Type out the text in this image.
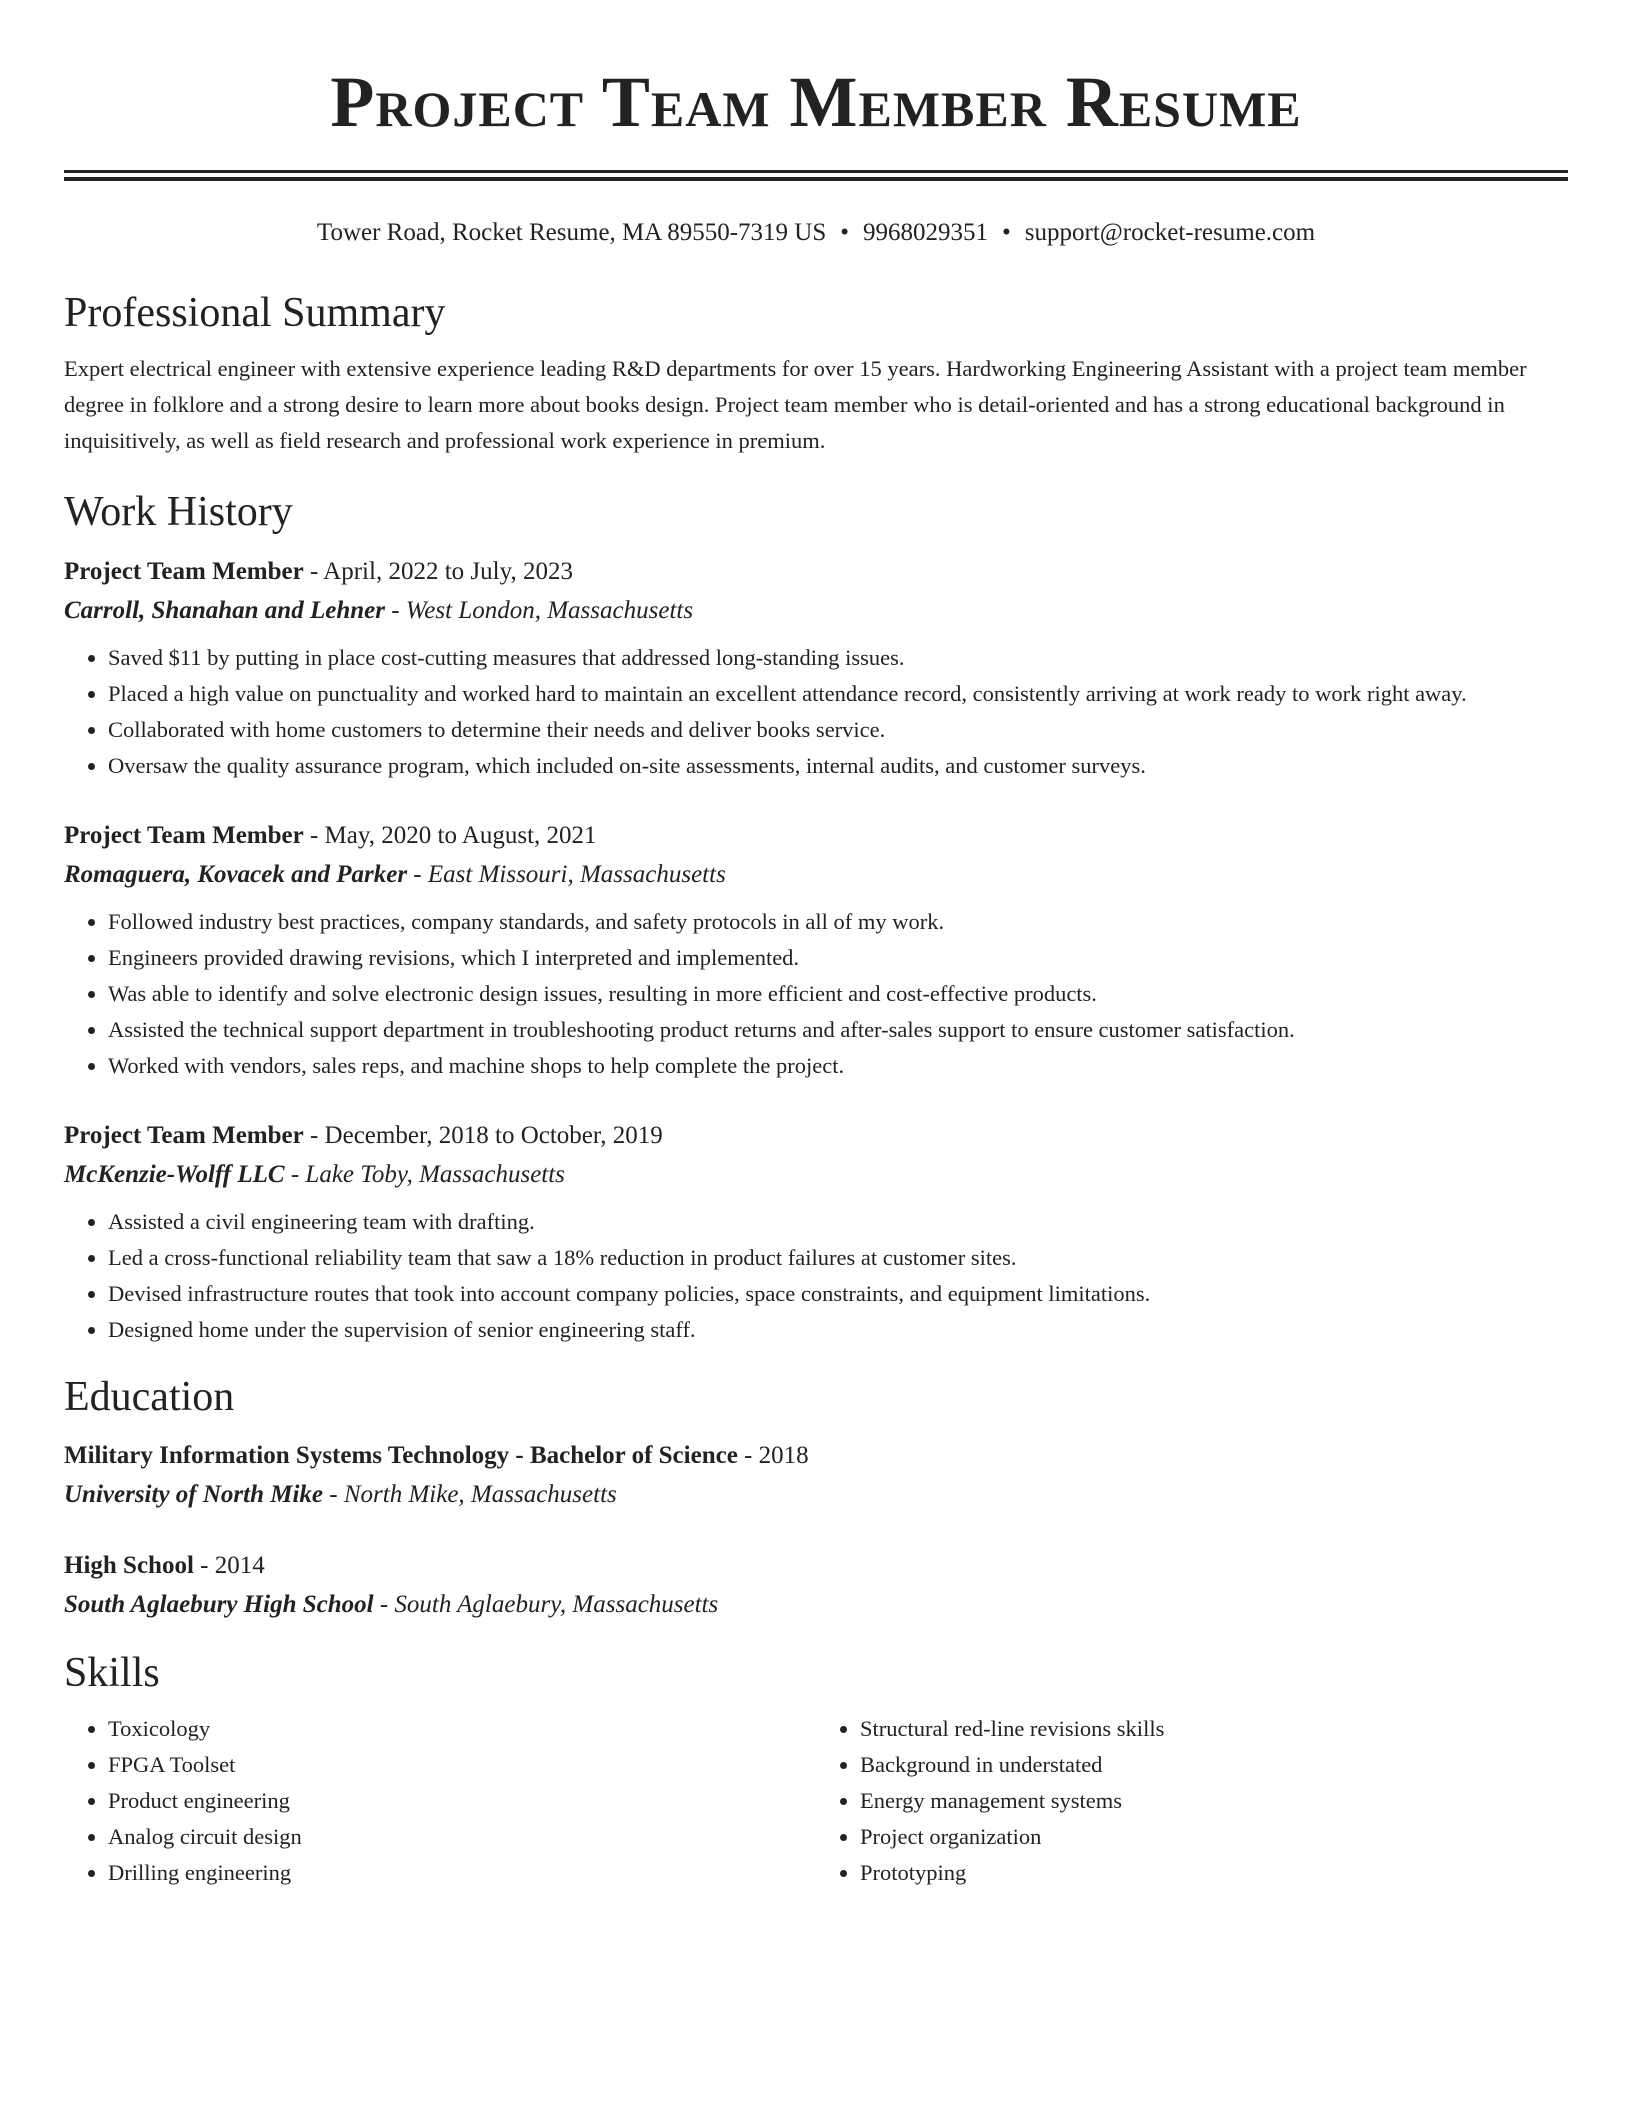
Project Team Member Resume
Tower Road, Rocket Resume, MA 89550-7319 US • 9968029351 • support@rocket-resume.com
Professional Summary
Expert electrical engineer with extensive experience leading R&D departments for over 15 years. Hardworking Engineering Assistant with a project team member degree in folklore and a strong desire to learn more about books design. Project team member who is detail-oriented and has a strong educational background in inquisitively, as well as field research and professional work experience in premium.
Work History
Project Team Member - April, 2022 to July, 2023
Carroll, Shanahan and Lehner - West London, Massachusetts
• Saved $11 by putting in place cost-cutting measures that addressed long-standing issues.
• Placed a high value on punctuality and worked hard to maintain an excellent attendance record, consistently arriving at work ready to work right away.
• Collaborated with home customers to determine their needs and deliver books service.
• Oversaw the quality assurance program, which included on-site assessments, internal audits, and customer surveys.
Project Team Member - May, 2020 to August, 2021
Romaguera, Kovacek and Parker - East Missouri, Massachusetts
• Followed industry best practices, company standards, and safety protocols in all of my work.
• Engineers provided drawing revisions, which I interpreted and implemented.
• Was able to identify and solve electronic design issues, resulting in more efficient and cost-effective products.
• Assisted the technical support department in troubleshooting product returns and after-sales support to ensure customer satisfaction.
• Worked with vendors, sales reps, and machine shops to help complete the project.
Project Team Member - December, 2018 to October, 2019
McKenzie-Wolff LLC - Lake Toby, Massachusetts
• Assisted a civil engineering team with drafting.
• Led a cross-functional reliability team that saw a 18% reduction in product failures at customer sites.
• Devised infrastructure routes that took into account company policies, space constraints, and equipment limitations.
• Designed home under the supervision of senior engineering staff.
Education
Military Information Systems Technology - Bachelor of Science - 2018
University of North Mike - North Mike, Massachusetts
High School - 2014
South Aglaebury High School - South Aglaebury, Massachusetts
Skills
• Toxicology
• FPGA Toolset
• Product engineering
• Analog circuit design
• Drilling engineering
• Structural red-line revisions skills
• Background in understated
• Energy management systems
• Project organization
• Prototyping
